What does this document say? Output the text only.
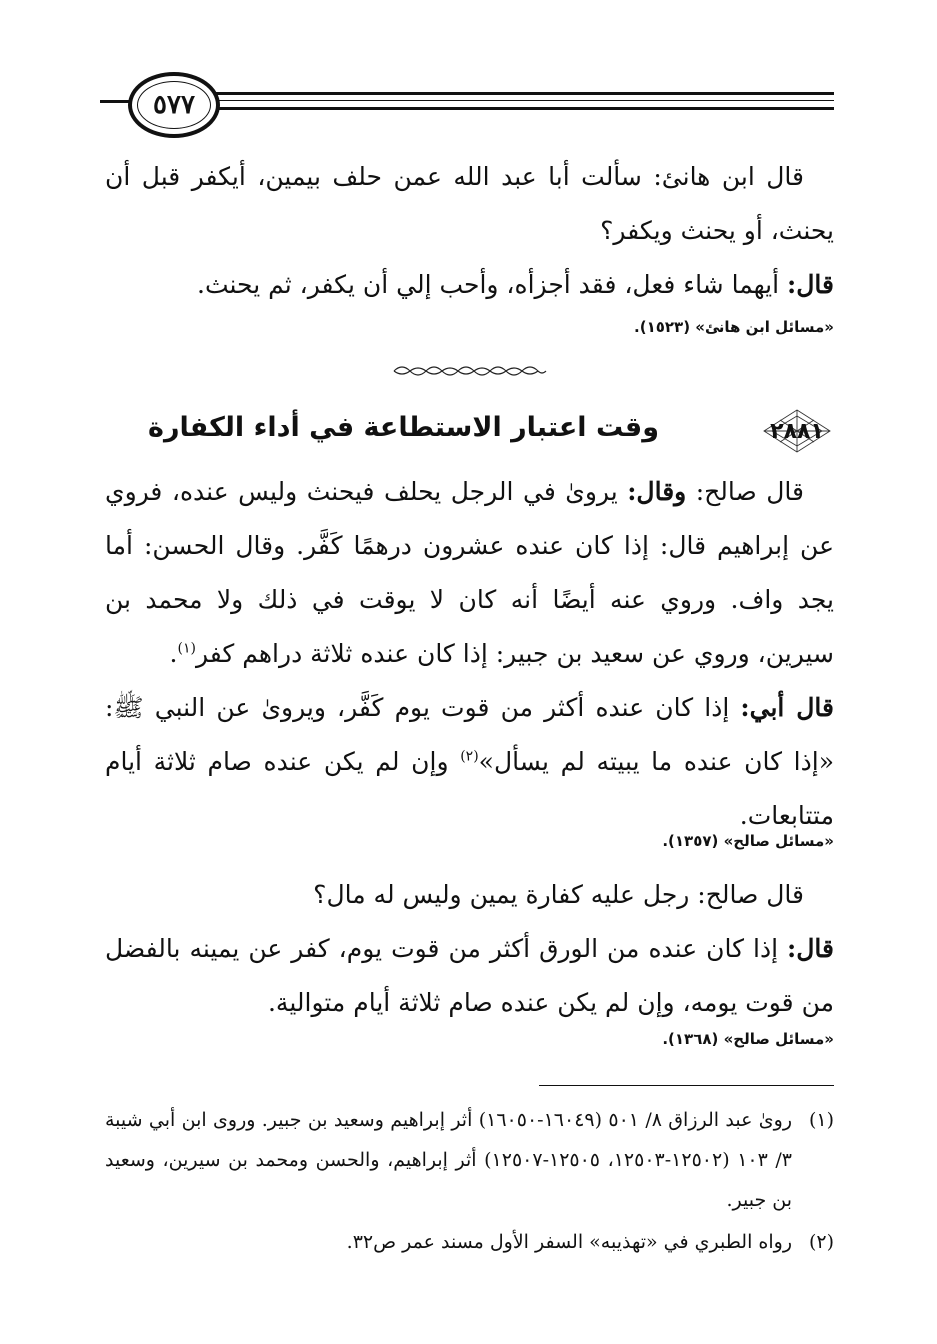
٥٧٧
قال ابن هانئ: سألت أبا عبد الله عمن حلف بيمين، أيكفر قبل أن يحنث، أو يحنث ويكفر؟
قال: أيهما شاء فعل، فقد أجزأه، وأحب إلي أن يكفر، ثم يحنث.
«مسائل ابن هانئ» (١٥٢٣).
٢٨٨١
وقت اعتبار الاستطاعة في أداء الكفارة
قال صالح: وقال: يروىٰ في الرجل يحلف فيحنث وليس عنده، فروي عن إبراهيم قال: إذا كان عنده عشرون درهمًا كَفَّر. وقال الحسن: أما يجد واف. وروي عنه أيضًا أنه كان لا يوقت في ذلك ولا محمد بن سيرين، وروي عن سعيد بن جبير: إذا كان عنده ثلاثة دراهم كفر$^{(١)}$.
قال أبي: إذا كان عنده أكثر من قوت يوم كَفَّر، ويروىٰ عن النبي ﷺ: «إذا كان عنده ما يبيته لم يسأل»$^{(٢)}$ وإن لم يكن عنده صام ثلاثة أيام متتابعات.
«مسائل صالح» (١٣٥٧).
قال صالح: رجل عليه كفارة يمين وليس له مال؟
قال: إذا كان عنده من الورق أكثر من قوت يوم، كفر عن يمينه بالفضل من قوت يومه، وإن لم يكن عنده صام ثلاثة أيام متوالية.
«مسائل صالح» (١٣٦٨).
(١)
روىٰ عبد الرزاق ٨/ ٥٠١ (١٦٠٤٩-١٦٠٥٠) أثر إبراهيم وسعيد بن جبير. وروى ابن أبي شيبة ٣/ ١٠٣ (١٢٥٠٢-١٢٥٠٣، ١٢٥٠٥-١٢٥٠٧) أثر إبراهيم، والحسن ومحمد بن سيرين، وسعيد بن جبير.
(٢)
رواه الطبري في «تهذيبه» السفر الأول مسند عمر ص٣٢.
